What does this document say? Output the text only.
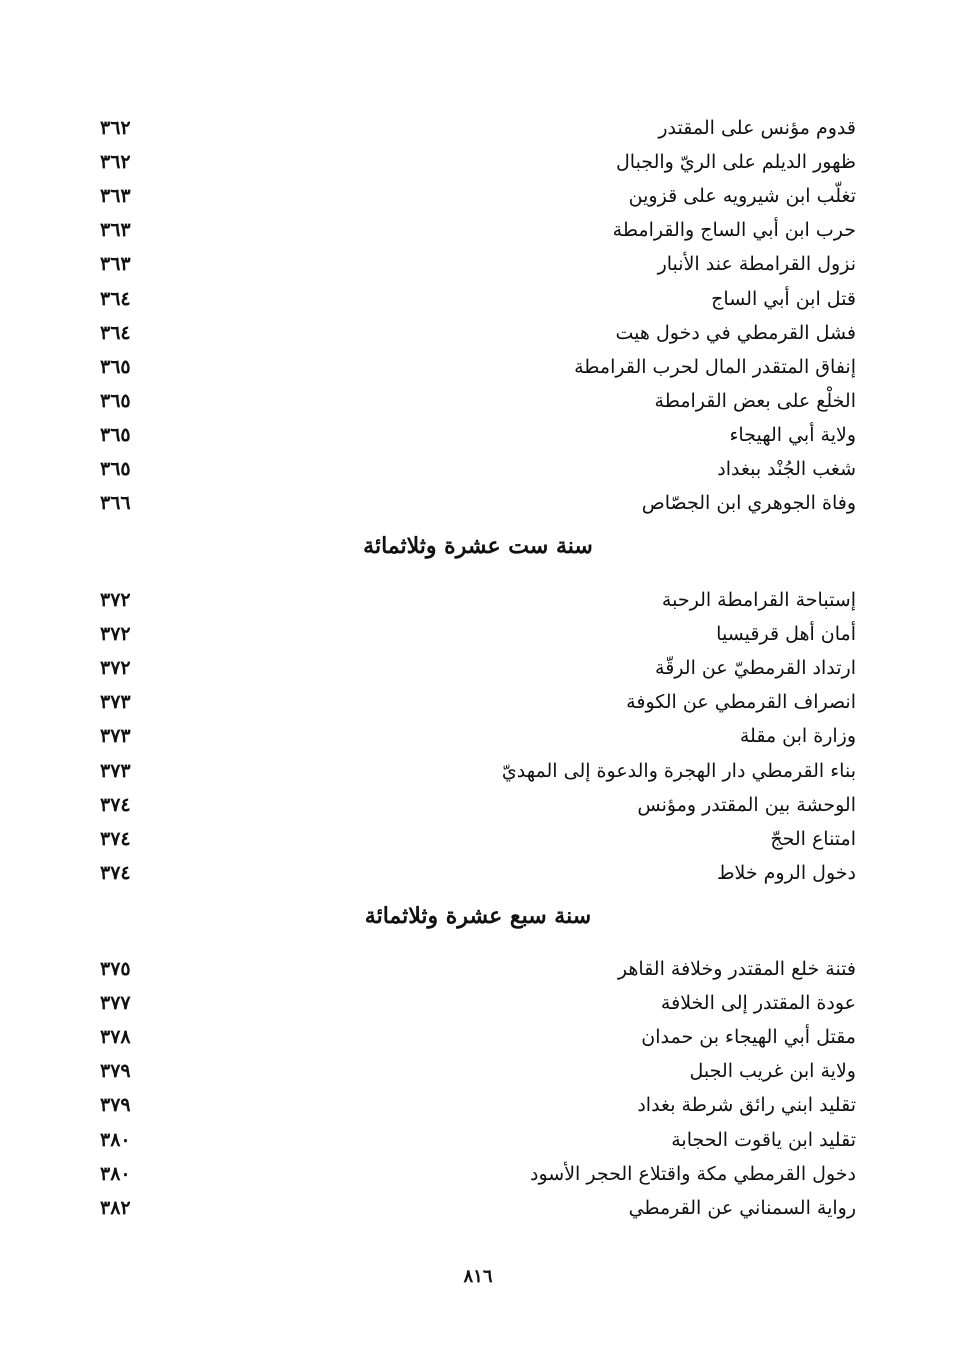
قدوم مؤنس على المقتدر
٣٦٢
ظهور الديلم على الريّ والجبال
٣٦٢
تغلّب ابن شيرويه على قزوين
٣٦٣
حرب ابن أبي الساج والقرامطة
٣٦٣
نزول القرامطة عند الأنبار
٣٦٣
قتل ابن أبي الساج
٣٦٤
فشل القرمطي في دخول هيت
٣٦٤
إنفاق المتقدر المال لحرب القرامطة
٣٦٥
الخلْع على بعض القرامطة
٣٦٥
ولاية أبي الهيجاء
٣٦٥
شغب الجُنْد ببغداد
٣٦٥
وفاة الجوهري ابن الجصّاص
٣٦٦
سنة ست عشرة وثلاثمائة
إستباحة القرامطة الرحبة
٣٧٢
أمان أهل قرقيسيا
٣٧٢
ارتداد القرمطيّ عن الرقّة
٣٧٢
انصراف القرمطي عن الكوفة
٣٧٣
وزارة ابن مقلة
٣٧٣
بناء القرمطي دار الهجرة والدعوة إلى المهديّ
٣٧٣
الوحشة بين المقتدر ومؤنس
٣٧٤
امتناع الحجّ
٣٧٤
دخول الروم خلاط
٣٧٤
سنة سبع عشرة وثلاثمائة
فتنة خلع المقتدر وخلافة القاهر
٣٧٥
عودة المقتدر إلى الخلافة
٣٧٧
مقتل أبي الهيجاء بن حمدان
٣٧٨
ولاية ابن غريب الجبل
٣٧٩
تقليد ابني رائق شرطة بغداد
٣٧٩
تقليد ابن ياقوت الحجابة
٣٨٠
دخول القرمطي مكة واقتلاع الحجر الأسود
٣٨٠
رواية السمناني عن القرمطي
٣٨٢
٨١٦
